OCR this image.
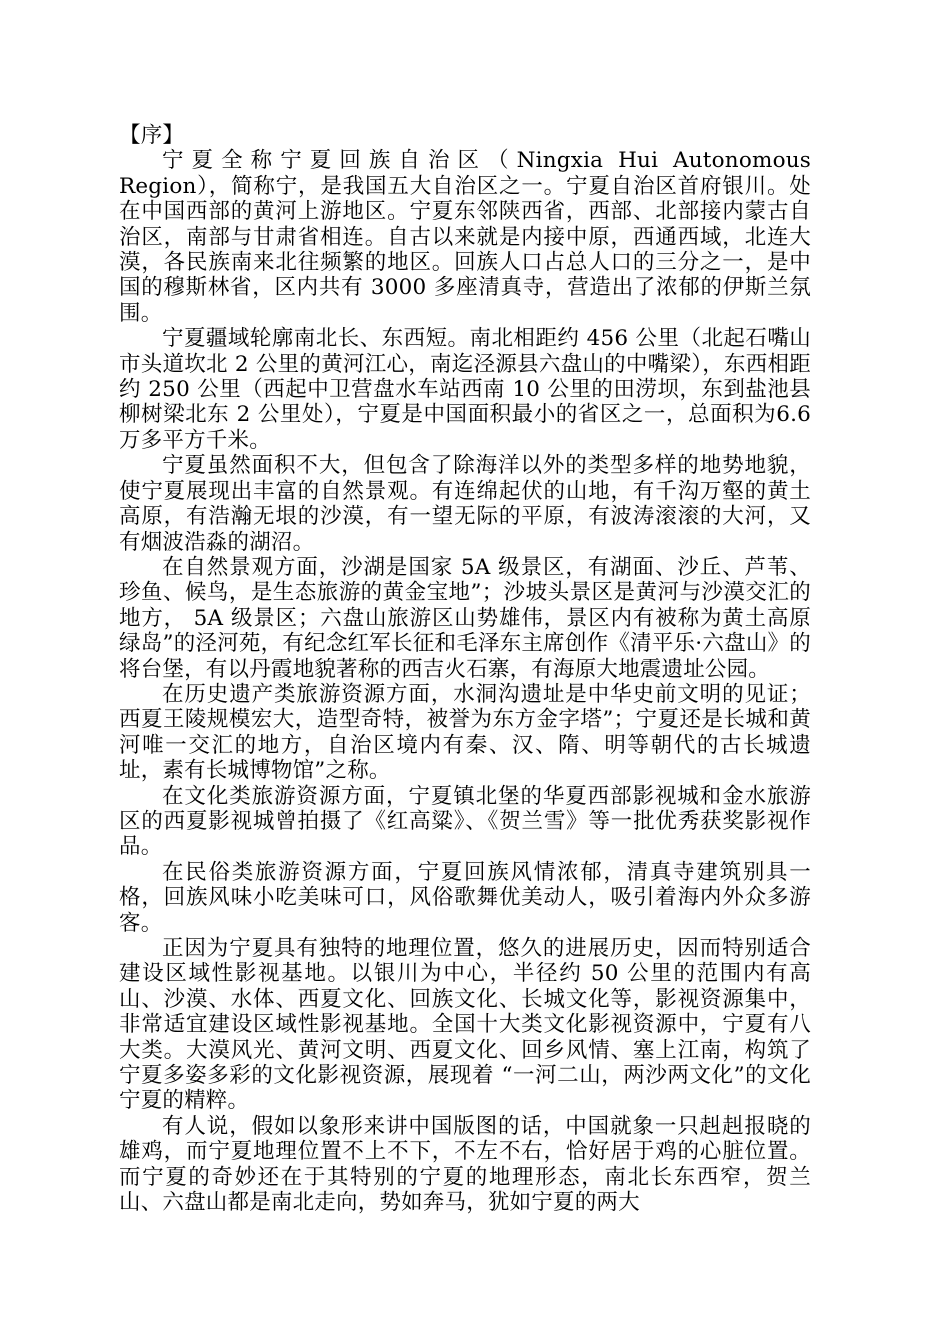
【序】

宁夏全称宁夏回族自治区（Ningxia Hui Autonomous Region），简称宁，是我国五大自治区之一。宁夏自治区首府银川。处在中国西部的黄河上游地区。宁夏东邻陕西省，西部、北部接内蒙古自治区，南部与甘肃省相连。自古以来就是内接中原，西通西域，北连大漠，各民族南来北往频繁的地区。回族人口占总人口的三分之一，是中国的穆斯林省，区内共有 3000 多座清真寺，营造出了浓郁的伊斯兰氛围。

宁夏疆域轮廓南北长、东西短。南北相距约 456 公里（北起石嘴山市头道坎北 2 公里的黄河江心，南迄泾源县六盘山的中嘴梁），东西相距约 250 公里（西起中卫营盘水车站西南 10 公里的田涝坝，东到盐池县柳树梁北东 2 公里处），宁夏是中国面积最小的省区之一，总面积为6.6万多平方千米。

宁夏虽然面积不大，但包含了除海洋以外的类型多样的地势地貌，使宁夏展现出丰富的自然景观。有连绵起伏的山地，有千沟万壑的黄土高原，有浩瀚无垠的沙漠，有一望无际的平原，有波涛滚滚的大河，又有烟波浩淼的湖沼。

在自然景观方面，沙湖是国家 5A 级景区，有湖面、沙丘、芦苇、珍鱼、候鸟，是生态旅游的黄金宝地”；沙坡头景区是黄河与沙漠交汇的地方， 5A 级景区；六盘山旅游区山势雄伟，景区内有被称为黄土高原绿岛”的泾河苑，有纪念红军长征和毛泽东主席创作《清平乐·六盘山》的将台堡，有以丹霞地貌著称的西吉火石寨，有海原大地震遗址公园。

在历史遗产类旅游资源方面，水洞沟遗址是中华史前文明的见证；西夏王陵规模宏大，造型奇特，被誉为东方金字塔”；宁夏还是长城和黄河唯一交汇的地方，自治区境内有秦、汉、隋、明等朝代的古长城遗址，素有长城博物馆”之称。

在文化类旅游资源方面，宁夏镇北堡的华夏西部影视城和金水旅游区的西夏影视城曾拍摄了《红高粱》、《贺兰雪》等一批优秀获奖影视作品。

在民俗类旅游资源方面，宁夏回族风情浓郁，清真寺建筑别具一格，回族风味小吃美味可口，风俗歌舞优美动人，吸引着海内外众多游客。

正因为宁夏具有独特的地理位置，悠久的进展历史，因而特别适合建设区域性影视基地。以银川为中心，半径约 50 公里的范围内有高山、沙漠、水体、西夏文化、回族文化、长城文化等，影视资源集中，非常适宜建设区域性影视基地。全国十大类文化影视资源中，宁夏有八大类。大漠风光、黄河文明、西夏文化、回乡风情、塞上江南，构筑了宁夏多姿多彩的文化影视资源，展现着 “一河二山，两沙两文化”的文化宁夏的精粹。

有人说，假如以象形来讲中国版图的话，中国就象一只赳赳报晓的雄鸡，而宁夏地理位置不上不下，不左不右，恰好居于鸡的心脏位置。而宁夏的奇妙还在于其特别的宁夏的地理形态，南北长东西窄，贺兰山、六盘山都是南北走向，势如奔马，犹如宁夏的两大
